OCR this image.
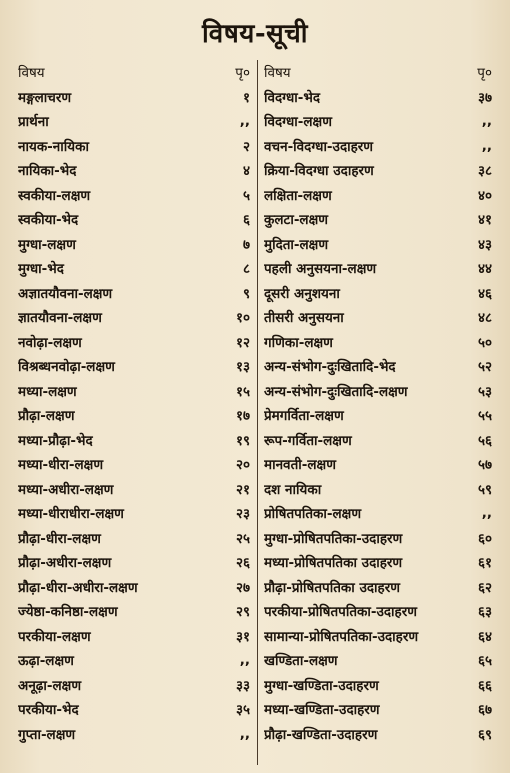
विषय-सूची
विषय	पृ०
मङ्गलाचरण	१
प्रार्थना	,,
नायक-नायिका	२
नायिका-भेद	४
स्वकीया-लक्षण	५
स्वकीया-भेद	६
मुग्धा-लक्षण	७
मुग्धा-भेद	८
अज्ञातयौवना-लक्षण	९
ज्ञातयौवना-लक्षण	१०
नवोढ़ा-लक्षण	१२
विश्रब्धनवोढ़ा-लक्षण	१३
मध्या-लक्षण	१५
प्रौढ़ा-लक्षण	१७
मध्या-प्रौढ़ा-भेद	१९
मध्या-धीरा-लक्षण	२०
मध्या-अधीरा-लक्षण	२१
मध्या-धीराधीरा-लक्षण	२३
प्रौढ़ा-धीरा-लक्षण	२५
प्रौढ़ा-अधीरा-लक्षण	२६
प्रौढ़ा-धीरा-अधीरा-लक्षण	२७
ज्येष्ठा-कनिष्ठा-लक्षण	२९
परकीया-लक्षण	३१
ऊढ़ा-लक्षण	,,
अनूढ़ा-लक्षण	३३
परकीया-भेद	३५
गुप्ता-लक्षण	,,
विषय	पृ०
विदग्धा-भेद	३७
विदग्धा-लक्षण	,,
वचन-विदग्धा-उदाहरण	,,
क्रिया-विदग्धा उदाहरण	३८
लक्षिता-लक्षण	४०
कुलटा-लक्षण	४१
मुदिता-लक्षण	४३
पहली अनुसयना-लक्षण	४४
दूसरी अनुशयना	४६
तीसरी अनुसयना	४८
गणिका-लक्षण	५०
अन्य-संभोग-दुःखितादि-भेद	५२
अन्य-संभोग-दुःखितादि-लक्षण	५३
प्रेमगर्विता-लक्षण	५५
रूप-गर्विता-लक्षण	५६
मानवती-लक्षण	५७
दश नायिका	५९
प्रोषितपतिका-लक्षण	,,
मुग्धा-प्रोषितपतिका-उदाहरण	६०
मध्या-प्रोषितपतिका उदाहरण	६१
प्रौढ़ा-प्रोषितपतिका उदाहरण	६२
परकीया-प्रोषितपतिका-उदाहरण	६३
सामान्या-प्रोषितपतिका-उदाहरण	६४
खण्डिता-लक्षण	६५
मुग्धा-खण्डिता-उदाहरण	६६
मध्या-खण्डिता-उदाहरण	६७
प्रौढ़ा-खण्डिता-उदाहरण	६९
